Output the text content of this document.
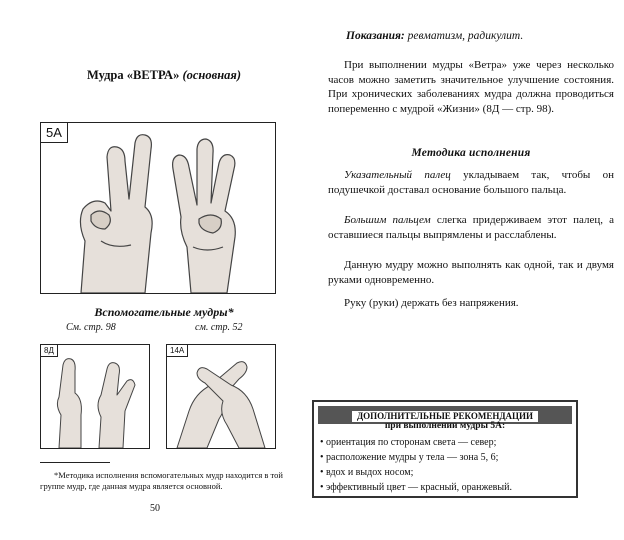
Мудра «ВЕТРА» (основная)
5А
Вспомогательные мудры*
См. стр. 98	см. стр. 52
8Д	14А
*Методика исполнения вспомогательных мудр находится в той группе мудр, где данная мудра является основной.
50
Показания: ревматизм, радикулит.
При выполнении мудры «Ветра» уже через несколько часов можно заметить значительное улучшение состояния. При хронических заболеваниях мудра должна проводиться попеременно с мудрой «Жизни» (8Д — стр. 98).
Методика исполнения
Указательный палец укладываем так, чтобы он подушечкой доставал основание большого пальца.
Большим пальцем слегка придерживаем этот палец, а оставшиеся пальцы выпрямлены и расслаблены.
Данную мудру можно выполнять как одной, так и двумя руками одновременно.
Руку (руки) держать без напряжения.
ДОПОЛНИТЕЛЬНЫЕ РЕКОМЕНДАЦИИ
при выполнении мудры 5А:
• ориентация по сторонам света — север;
• расположение мудры у тела — зона 5, 6;
• вдох и выдох носом;
• эффективный цвет — красный, оранжевый.
